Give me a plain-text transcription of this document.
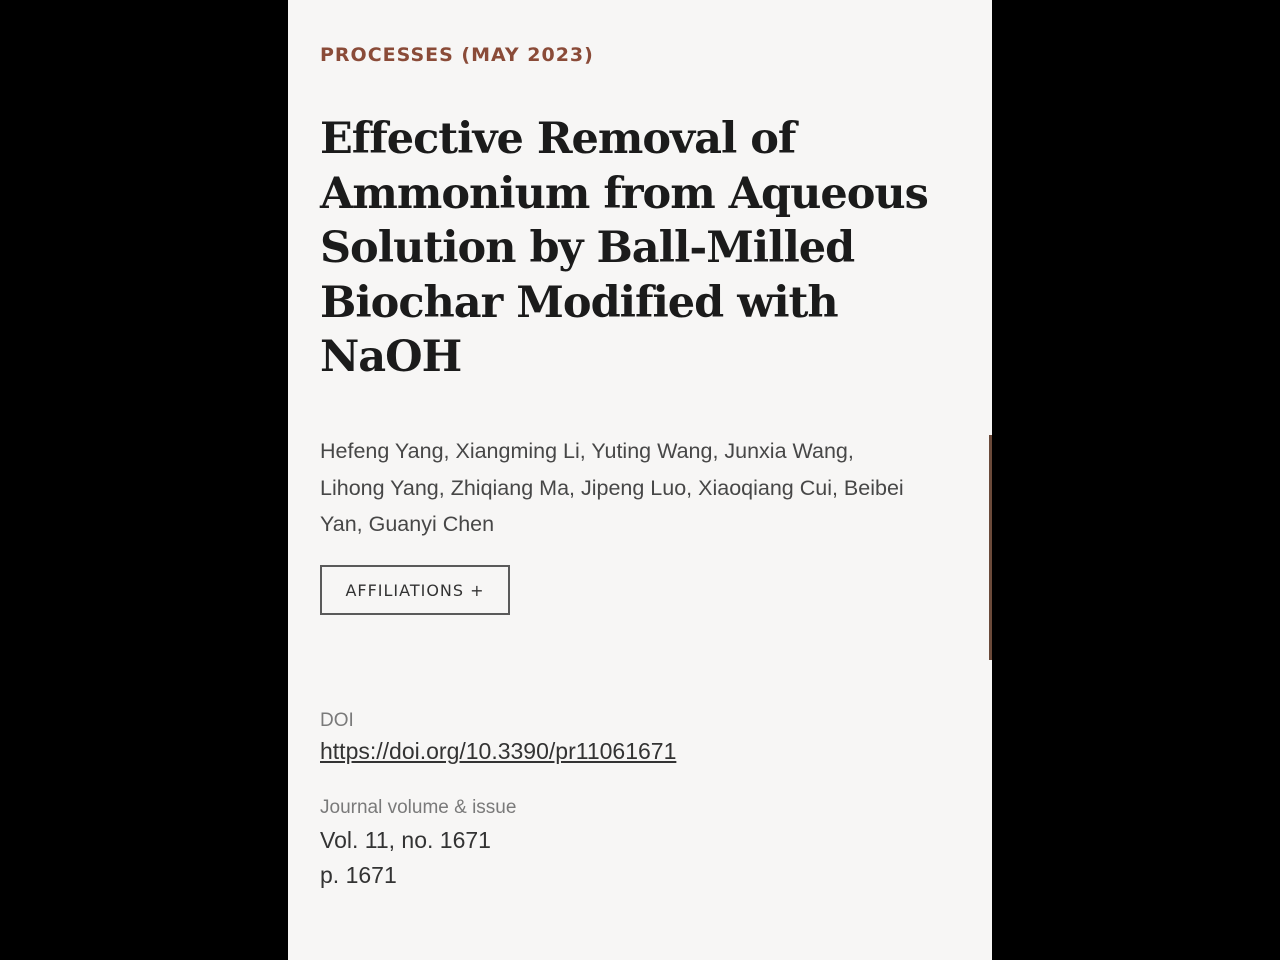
PROCESSES (MAY 2023)
Effective Removal of Ammonium from Aqueous Solution by Ball-Milled Biochar Modified with NaOH

Hefeng Yang, Xiangming Li, Yuting Wang, Junxia Wang, Lihong Yang, Zhiqiang Ma, Jipeng Luo, Xiaoqiang Cui, Beibei Yan, Guanyi Chen

AFFILIATIONS +
DOI
https://doi.org/10.3390/pr11061671
Journal volume & issue
Vol. 11, no. 1671
p. 1671
